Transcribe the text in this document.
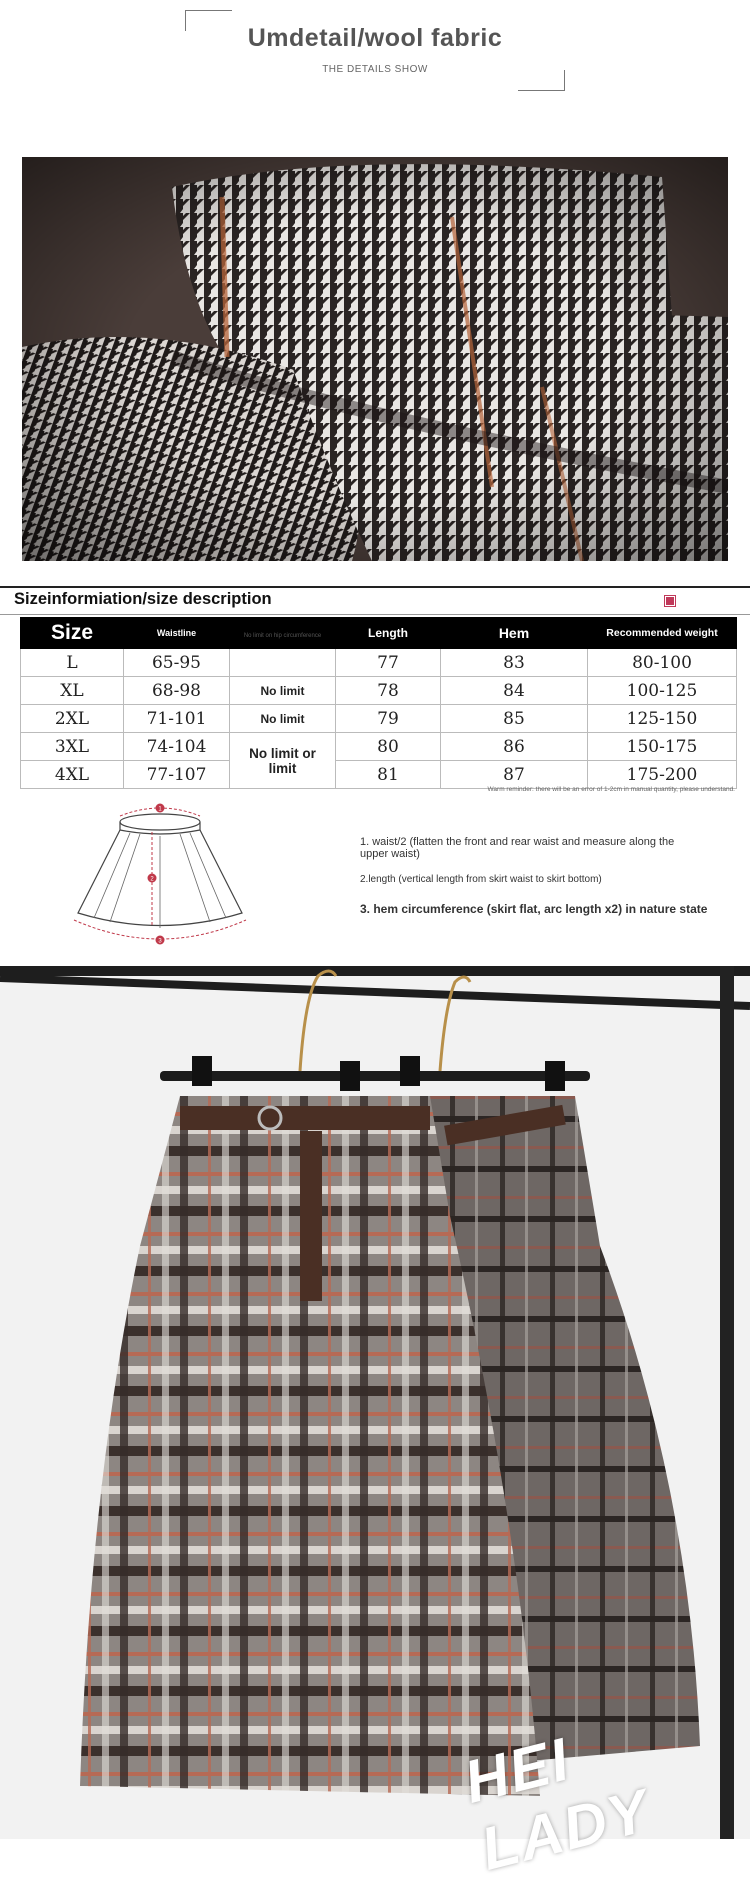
Umdetail/wool fabric
THE DETAILS SHOW
Sizeinformiation/size description
Size	Waistline	No limit on hip circumference	Length	Hem	Recommended weight
L	65-95		77	83	80-100
XL	68-98	No limit	78	84	100-125
2XL	71-101	No limit	79	85	125-150
3XL	74-104	No limit or limit	80	86	150-175
4XL	77-107		81	87	175-200
Warm reminder: there will be an error of 1-2cm in manual quantity, please understand.
1
2
3

1. waist/2 (flatten the front and rear waist and measure along the upper waist)

2.length (vertical length from skirt waist to skirt bottom)

3. hem circumference (skirt flat, arc length x2) in nature state

HEI LADY
